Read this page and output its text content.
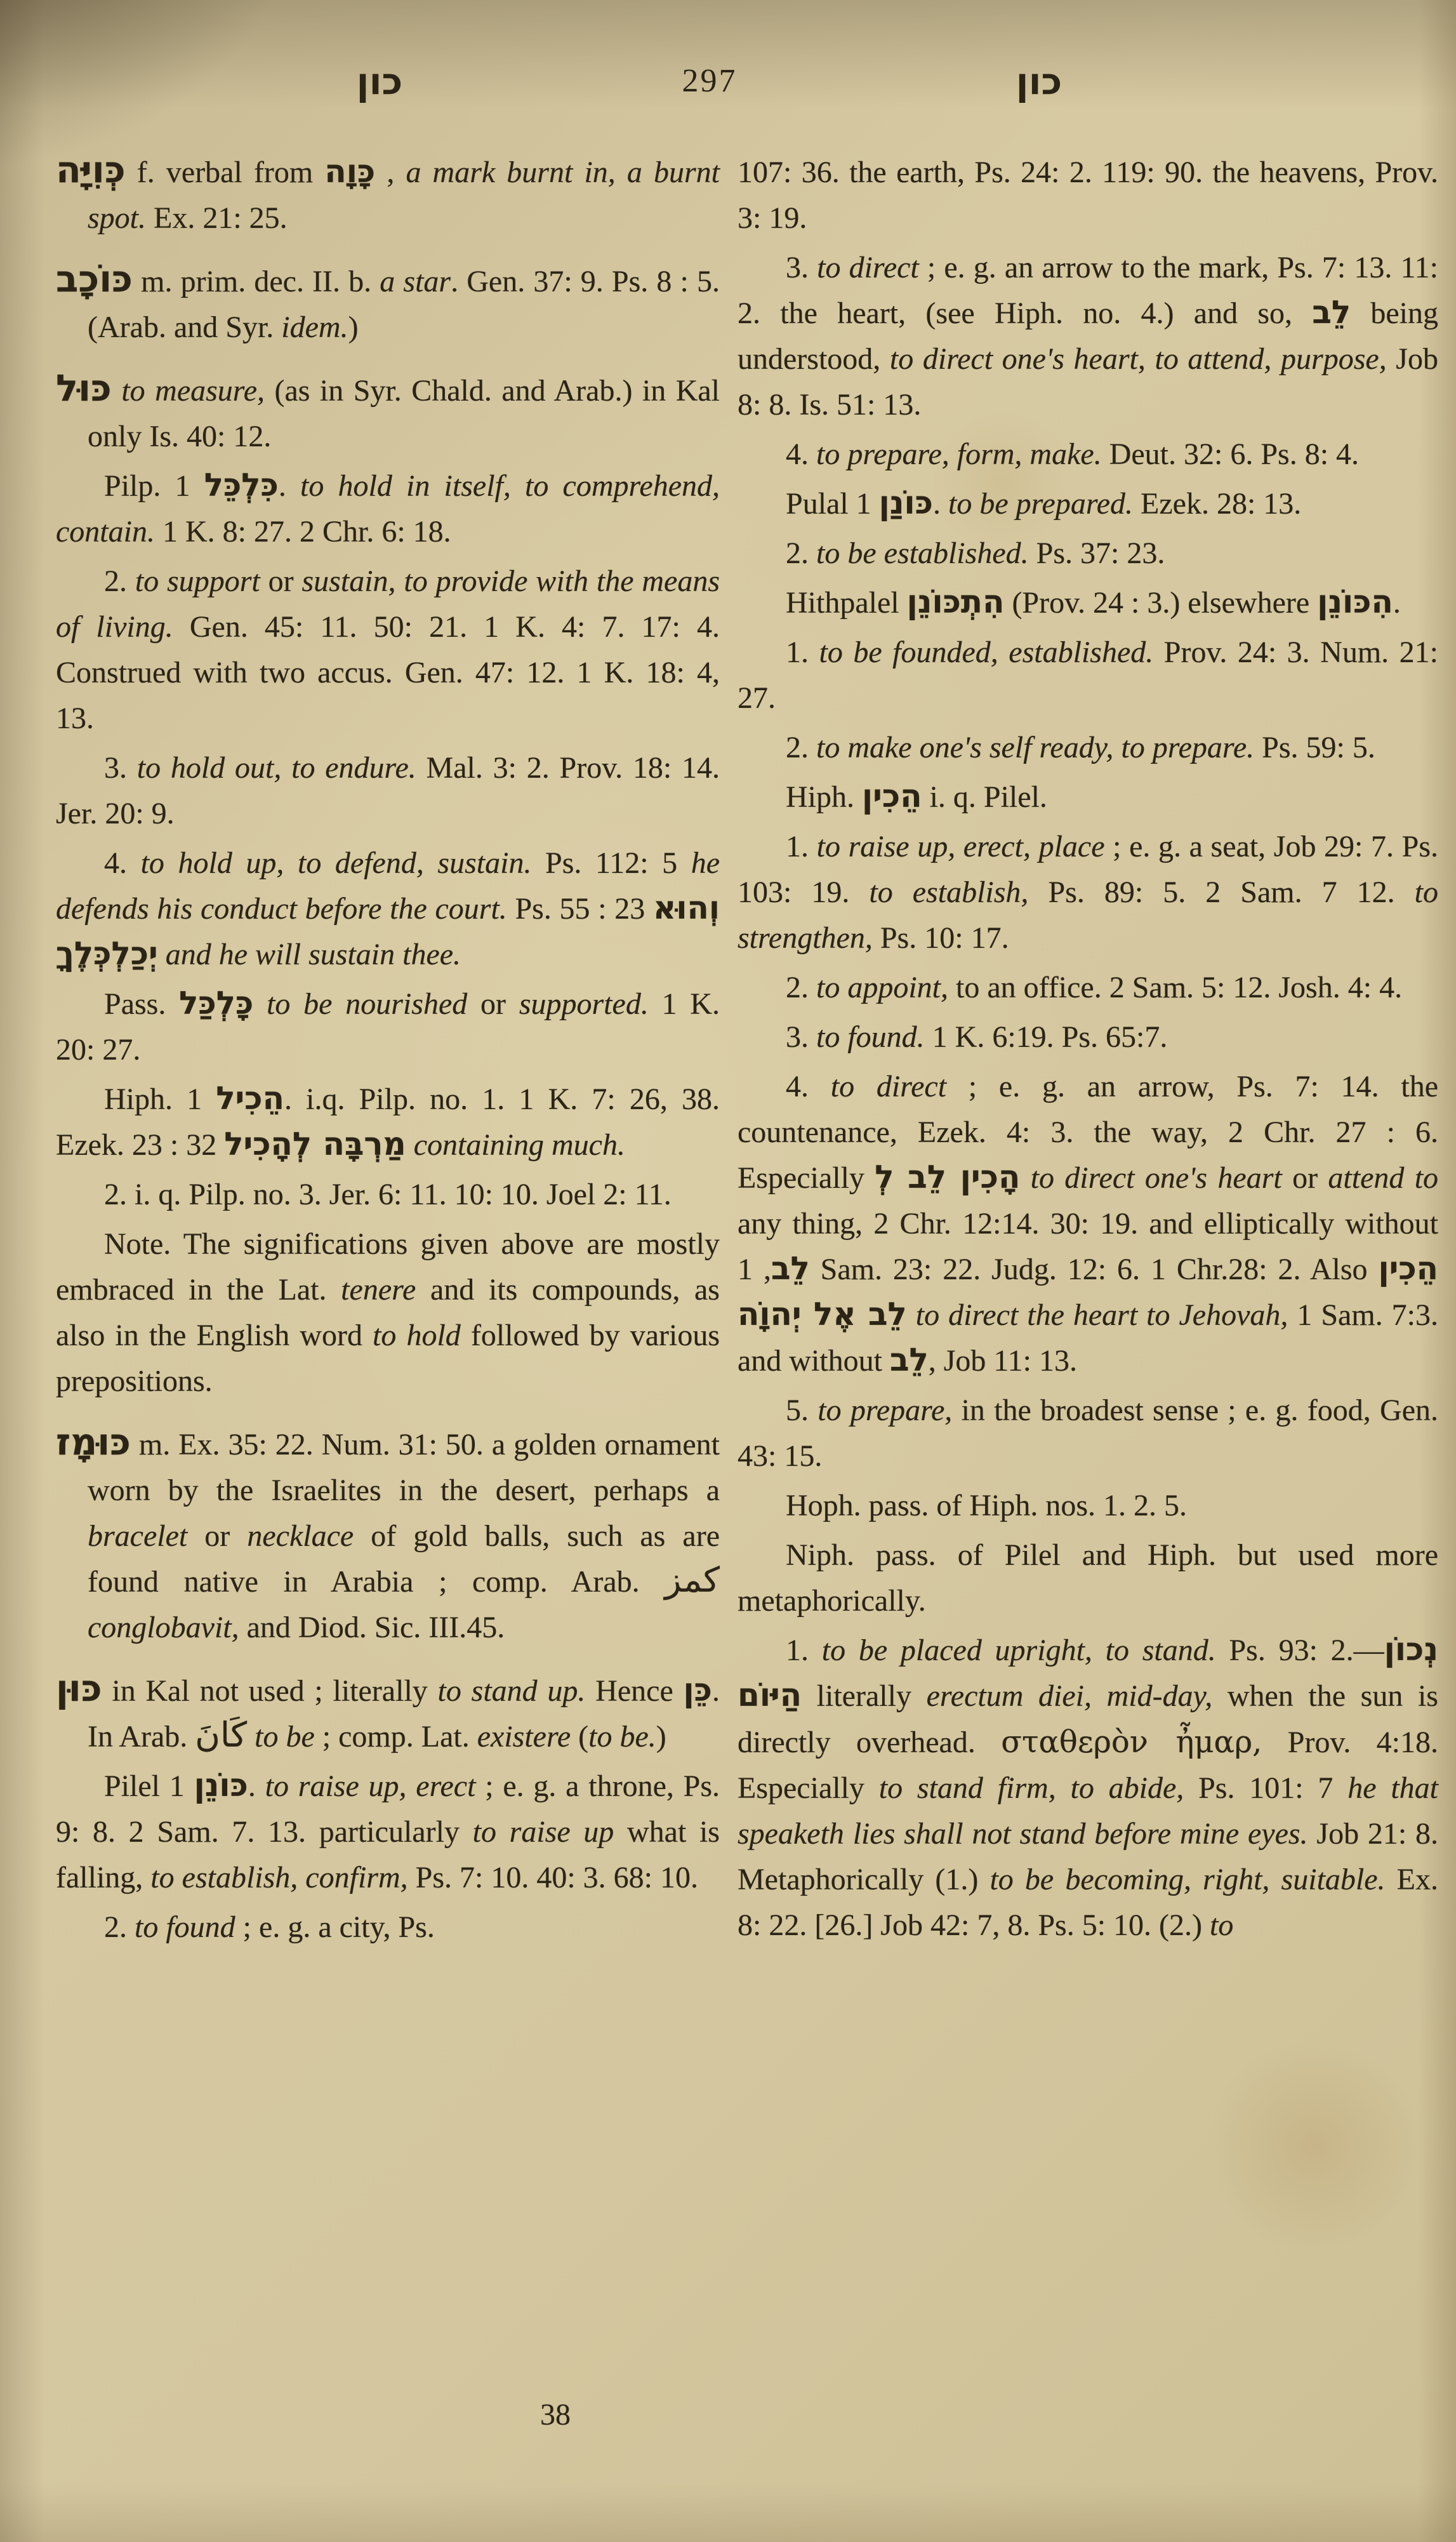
כון	297	כון

כְּוִיָּה f. verbal from כָּוָה , a mark burnt in, a burnt spot. Ex. 21: 25.

כּוֹכָב m. prim. dec. II. b. a star. Gen. 37: 9. Ps. 8 : 5. (Arab. and Syr. idem.)

כּוּל to measure, (as in Syr. Chald. and Arab.) in Kal only Is. 40: 12.

Pilp. כִּלְכֵּל 1. to hold in itself, to comprehend, contain. 1 K. 8: 27. 2 Chr. 6: 18.

2. to support or sustain, to provide with the means of living. Gen. 45: 11. 50: 21. 1 K. 4: 7. 17: 4. Construed with two accus. Gen. 47: 12. 1 K. 18: 4, 13.

3. to hold out, to endure. Mal. 3: 2. Prov. 18: 14. Jer. 20: 9.

4. to hold up, to defend, sustain. Ps. 112: 5 he defends his conduct before the court. Ps. 55 : 23 וְהוּא יְכַלְכְּלֶךָ and he will sustain thee.

Pass. כָּלְכַּל to be nourished or supported. 1 K. 20: 27.

Hiph. הֵכִיל 1. i.q. Pilp. no. 1. 1 K. 7: 26, 38. Ezek. 23 : 32 מַרְבָּה לְהָכִיל containing much.

2. i. q. Pilp. no. 3. Jer. 6: 11. 10: 10. Joel 2: 11.

Note. The significations given above are mostly embraced in the Lat. tenere and its compounds, as also in the English word to hold followed by various prepositions.

כּוּמָז m. Ex. 35: 22. Num. 31: 50. a golden ornament worn by the Israelites in the desert, perhaps a bracelet or necklace of gold balls, such as are found native in Arabia ; comp. Arab. كمز conglobavit, and Diod. Sic. III.45.

כּוּן in Kal not used ; literally to stand up. Hence כֵּן. In Arab. كَانَ to be ; comp. Lat. existere (to be.)

Pilel כּוֹנֵן 1. to raise up, erect ; e. g. a throne, Ps. 9: 8. 2 Sam. 7. 13. particularly to raise up what is falling, to establish, confirm, Ps. 7: 10. 40: 3. 68: 10.

2. to found ; e. g. a city, Ps.

107: 36. the earth, Ps. 24: 2. 119: 90. the heavens, Prov. 3: 19.

3. to direct ; e. g. an arrow to the mark, Ps. 7: 13. 11: 2. the heart, (see Hiph. no. 4.) and so, לֵב being understood, to direct one's heart, to attend, purpose, Job 8: 8. Is. 51: 13.

4. to prepare, form, make. Deut. 32: 6. Ps. 8: 4.

Pulal כּוֹנַן 1. to be prepared. Ezek. 28: 13.

2. to be established. Ps. 37: 23.

Hithpalel הִתְכּוֹנֵן (Prov. 24 : 3.) elsewhere הִכּוֹנֵן.

1. to be founded, established. Prov. 24: 3. Num. 21: 27.

2. to make one's self ready, to prepare. Ps. 59: 5.

Hiph. הֵכִין i. q. Pilel.

1. to raise up, erect, place ; e. g. a seat, Job 29: 7. Ps. 103: 19. to establish, Ps. 89: 5. 2 Sam. 7 12. to strengthen, Ps. 10: 17.

2. to appoint, to an office. 2 Sam. 5: 12. Josh. 4: 4.

3. to found. 1 K. 6:19. Ps. 65:7.

4. to direct ; e. g. an arrow, Ps. 7: 14. the countenance, Ezek. 4: 3. the way, 2 Chr. 27 : 6. Especially הָכִין לֵב לְ to direct one's heart or attend to any thing, 2 Chr. 12:14. 30: 19. and elliptically without לֵב, 1 Sam. 23: 22. Judg. 12: 6. 1 Chr.28: 2. Also הֵכִין לֵב אֶל יְהוָֹה to direct the heart to Jehovah, 1 Sam. 7:3. and without לֵב, Job 11: 13.

5. to prepare, in the broadest sense ; e. g. food, Gen. 43: 15.

Hoph. pass. of Hiph. nos. 1. 2. 5.

Niph. pass. of Pilel and Hiph. but used more metaphorically.

1. to be placed upright, to stand. Ps. 93: 2.—נְכוֹן הַיּוֹם literally erectum diei, mid-day, when the sun is directly overhead. σταθερὸν ἦμαρ, Prov. 4:18. Especially to stand firm, to abide, Ps. 101: 7 he that speaketh lies shall not stand before mine eyes. Job 21: 8. Metaphorically (1.) to be becoming, right, suitable. Ex. 8: 22. [26.] Job 42: 7, 8. Ps. 5: 10. (2.) to

38
